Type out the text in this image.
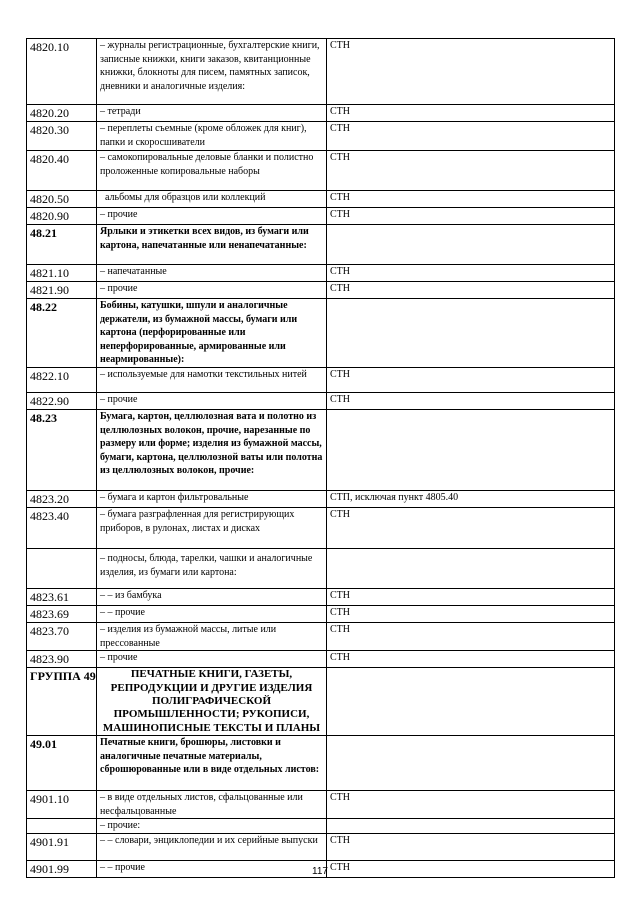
4820.10	– журналы регистрационные, бухгалтерские книги, записные книжки, книги заказов, квитанционные книжки, блокноты для писем, памятных записок, дневники и аналогичные изделия:	СТН
4820.20	– тетради	СТН
4820.30	– переплеты съемные (кроме обложек для книг), папки и скоросшиватели	СТН
4820.40	– самокопировальные деловые бланки и полистно проложенные копировальные наборы	СТН
4820.50	альбомы для образцов или коллекций	СТН
4820.90	– прочие	СТН
48.21	Ярлыки и этикетки всех видов, из бумаги или картона, напечатанные или ненапечатанные:	
4821.10	– напечатанные	СТН
4821.90	– прочие	СТН
48.22	Бобины, катушки, шпули и аналогичные держатели, из бумажной массы, бумаги или картона (перфорированные или неперфорированные, армированные или неармированные):	
4822.10	– используемые для намотки текстильных нитей	СТН
4822.90	– прочие	СТН
48.23	Бумага, картон, целлюлозная вата и полотно из целлюлозных волокон, прочие, нарезанные по размеру или форме; изделия из бумажной массы, бумаги, картона, целлюлозной ваты или полотна из целлюлозных волокон, прочие:	
4823.20	– бумага и картон фильтровальные	СТП, исключая пункт 4805.40
4823.40	– бумага разграфленная для регистрирующих приборов, в рулонах, листах и дисках	СТН
	– подносы, блюда, тарелки, чашки и аналогичные изделия, из бумаги или картона:	
4823.61	– – из бамбука	СТН
4823.69	– – прочие	СТН
4823.70	– изделия из бумажной массы, литые или прессованные	СТН
4823.90	– прочие	СТН
ГРУППА 49	ПЕЧАТНЫЕ КНИГИ, ГАЗЕТЫ, РЕПРОДУКЦИИ И ДРУГИЕ ИЗДЕЛИЯ ПОЛИГРАФИЧЕСКОЙ ПРОМЫШЛЕННОСТИ; РУКОПИСИ, МАШИНОПИСНЫЕ ТЕКСТЫ И ПЛАНЫ	
49.01	Печатные книги, брошюры, листовки и аналогичные печатные материалы, сброшюрованные или в виде отдельных листов:	
4901.10	– в виде отдельных листов, сфальцованные или несфальцованные	СТН
	– прочие:	
4901.91	– – словари, энциклопедии и их серийные выпуски	СТН
4901.99	– – прочие	СТН
117
